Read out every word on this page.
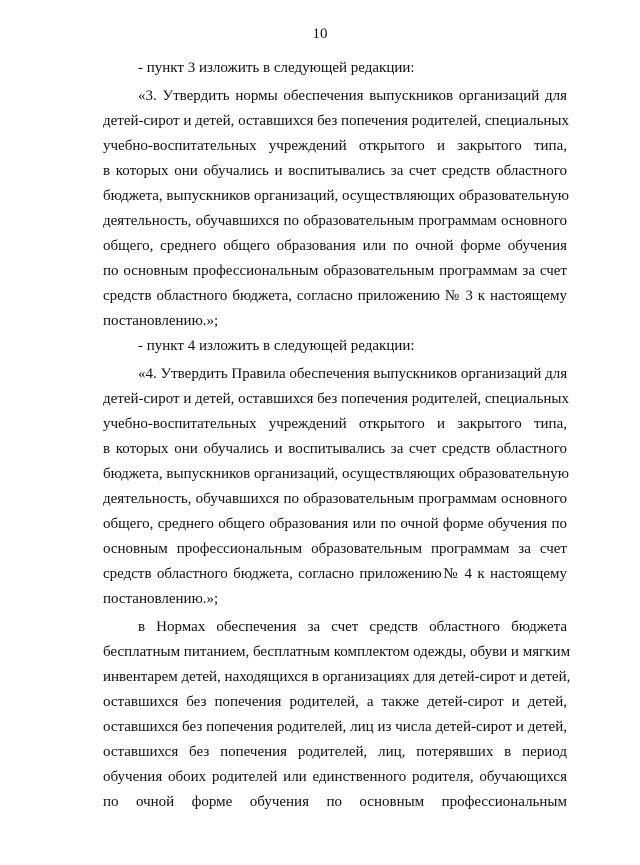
10
- пункт 3 изложить в следующей редакции:
«3. Утвердить нормы обеспечения выпускников организаций для
детей-сирот и детей, оставшихся без попечения родителей, специальных
учебно-воспитательных учреждений открытого и закрытого типа,
в которых они обучались и воспитывались за счет средств областного
бюджета, выпускников организаций, осуществляющих образовательную
деятельность, обучавшихся по образовательным программам основного
общего, среднего общего образования или по очной форме обучения
по основным профессиональным образовательным программам за счет
средств областного бюджета, согласно приложению № 3 к настоящему
постановлению.»;
- пункт 4 изложить в следующей редакции:
«4. Утвердить Правила обеспечения выпускников организаций для
детей-сирот и детей, оставшихся без попечения родителей, специальных
учебно-воспитательных учреждений открытого и закрытого типа,
в которых они обучались и воспитывались за счет средств областного
бюджета, выпускников организаций, осуществляющих образовательную
деятельность, обучавшихся по образовательным программам основного
общего, среднего общего образования или по очной форме обучения по
основным профессиональным образовательным программам за счет
средств областного бюджета, согласно приложению№ 4 к настоящему
постановлению.»;
в Нормах обеспечения за счет средств областного бюджета
бесплатным питанием, бесплатным комплектом одежды, обуви и мягким
инвентарем детей, находящихся в организациях для детей-сирот и детей,
оставшихся без попечения родителей, а также детей-сирот и детей,
оставшихся без попечения родителей, лиц из числа детей-сирот и детей,
оставшихся без попечения родителей, лиц, потерявших в период
обучения обоих родителей или единственного родителя, обучающихся
по очной форме обучения по основным профессиональным
